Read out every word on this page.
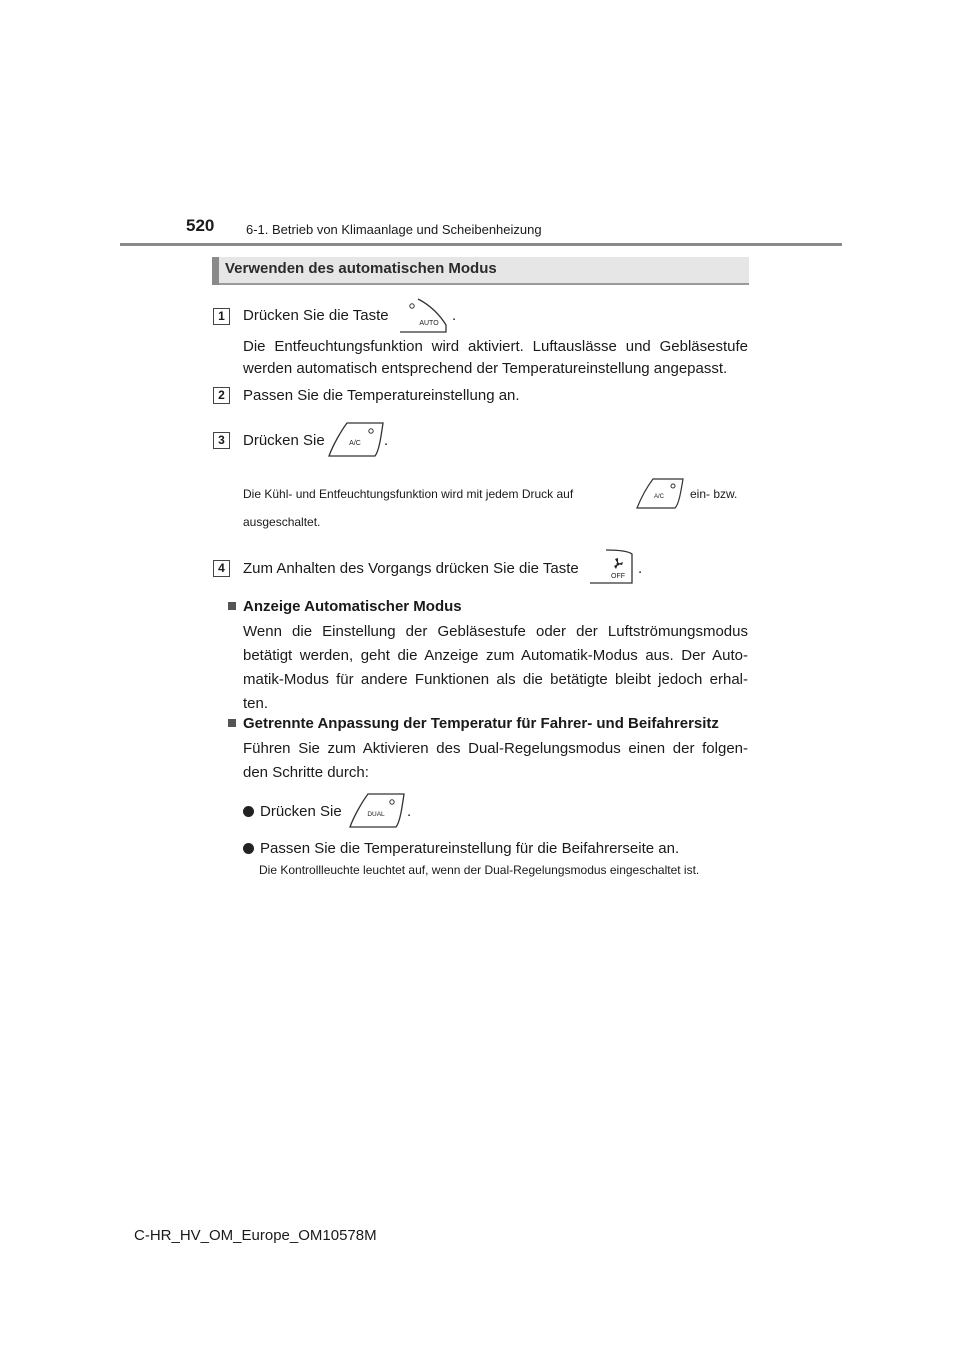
520 6-1. Betrieb von Klimaanlage und Scheibenheizung
Verwenden des automatischen Modus
1	Drücken Sie die Taste	AUTO .
Die Entfeuchtungsfunktion wird aktiviert. Luftauslässe und Gebläsestufe werden automatisch entsprechend der Temperatureinstellung angepasst.
2	Passen Sie die Temperatureinstellung an.
3	Drücken Sie	A/C .
Die Kühl- und Entfeuchtungsfunktion wird mit jedem Druck auf	A/C ein- bzw.
ausgeschaltet.
4	Zum Anhalten des Vorgangs drücken Sie die Taste	OFF .
Anzeige Automatischer Modus
Wenn die Einstellung der Gebläsestufe oder der Luftströmungsmodus
betätigt werden, geht die Anzeige zum Automatik-Modus aus. Der Auto-
matik-Modus für andere Funktionen als die betätigte bleibt jedoch erhal-
ten.
Getrennte Anpassung der Temperatur für Fahrer- und Beifahrersitz
Führen Sie zum Aktivieren des Dual-Regelungsmodus einen der folgen-
den Schritte durch:
Drücken Sie	DUAL .
Passen Sie die Temperatureinstellung für die Beifahrerseite an.
Die Kontrollleuchte leuchtet auf, wenn der Dual-Regelungsmodus eingeschaltet ist.
C-HR_HV_OM_Europe_OM10578M
